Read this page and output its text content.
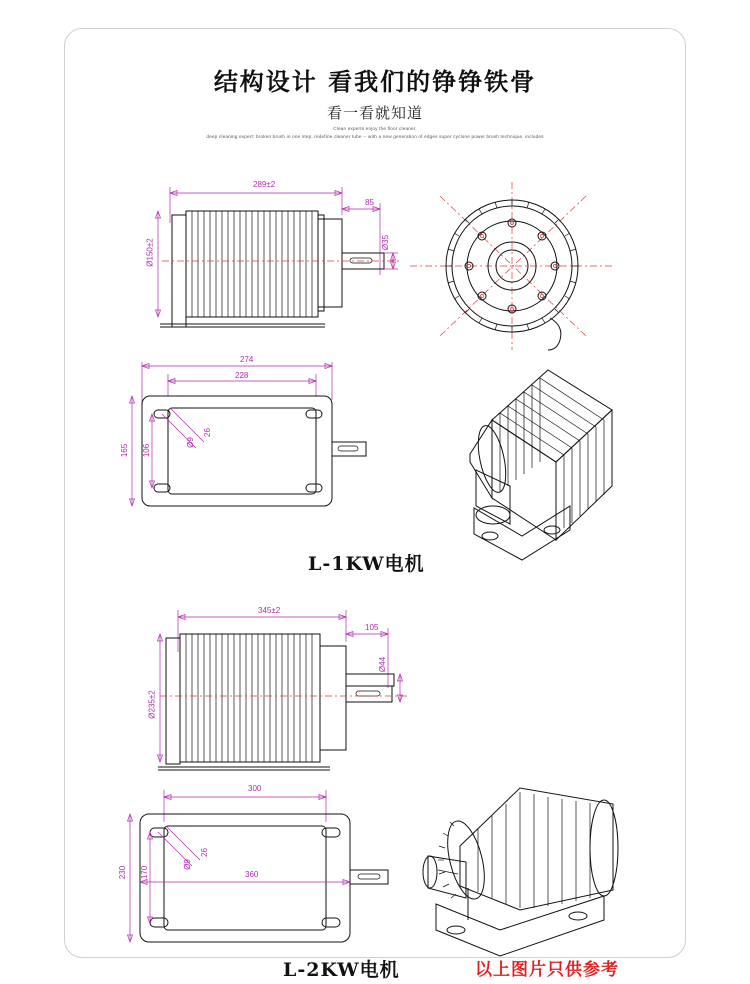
结构设计 看我们的铮铮铁骨
看一看就知道
Clean experts enjoy the floor cleaner,
deep cleaning expert: broken brush in one step, redefine cleaner tube -- with a new generation of edges super cyclone power brush technique, includes
289±2
85
Ø35
Ø150±2
274
228
165 106
Ø9
26
L-1KW电机
345±2
105
Ø44
Ø235±2
300
360
230 170
Ø9
26
L-2KW电机	以上图片只供参考
